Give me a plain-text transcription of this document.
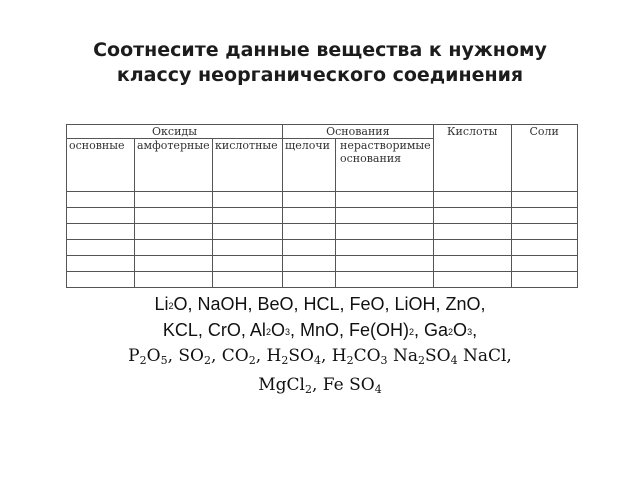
Соотнесите данные вещества к нужному
классу неорганического соединения
Оксиды			Основания		Кислоты	Соли
основные	амфотерные	кислотные	щелочи	нерастворимые основания		

Li2O, NaOH, BeO, HCL, FeO, LiOH, ZnO,
KCL, CrO, Al2O3, MnO, Fe(OH)2, Ga2O3,
$P_2O_5$, $SO_2$, $CO_2$, $H_2SO_4$, $H_2CO_3$ $Na_2SO_4$ NaCl,
MgCl$_2$, Fe $SO_4$
